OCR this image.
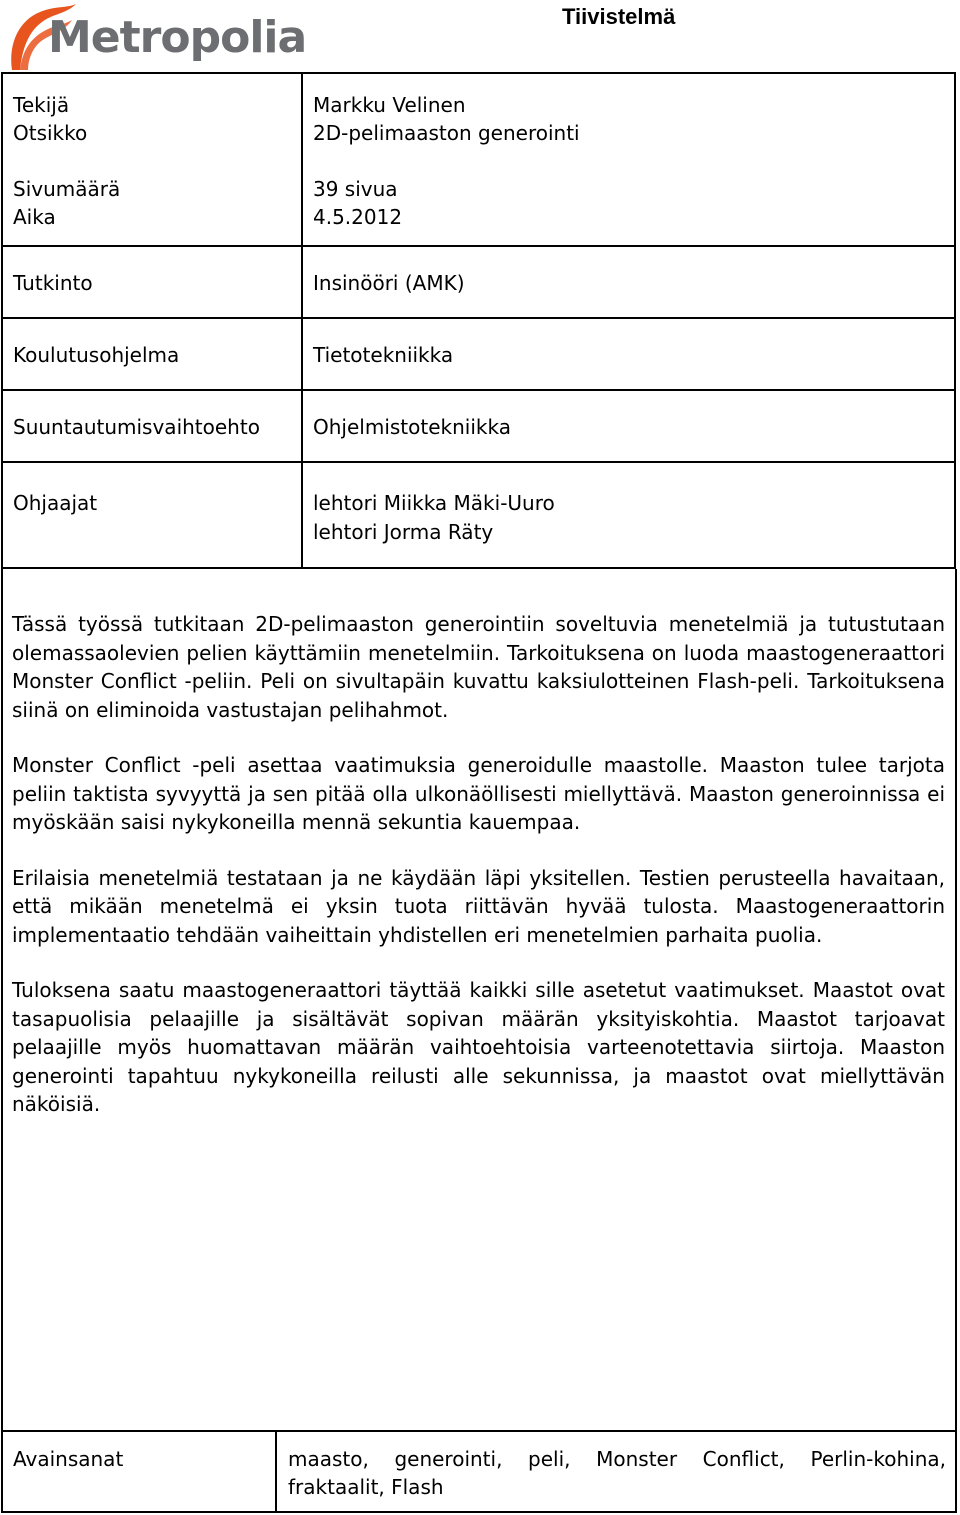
Metropolia	Tiivistelmä
Tekijä	Markku Velinen
Otsikko	2D-pelimaaston generointi
Sivumäärä	39 sivua
Aika	4.5.2012
Tutkinto	Insinööri (AMK)
Koulutusohjelma	Tietotekniikka
Suuntautumisvaihtoehto	Ohjelmistotekniikka
Ohjaajat	lehtori Miikka Mäki-Uuro
lehtori Jorma Räty

Tässä työssä tutkitaan 2D-pelimaaston generointiin soveltuvia menetelmiä ja tutustutaan olemassaolevien pelien käyttämiin menetelmiin. Tarkoituksena on luoda maastogeneraattori Monster Conflict -peliin. Peli on sivultapäin kuvattu kaksiulotteinen Flash-peli. Tarkoituksena siinä on eliminoida vastustajan pelihahmot.

Monster Conflict -peli asettaa vaatimuksia generoidulle maastolle. Maaston tulee tarjota peliin taktista syvyyttä ja sen pitää olla ulkonäöllisesti miellyttävä. Maaston generoinnissa ei myöskään saisi nykykoneilla mennä sekuntia kauempaa.

Erilaisia menetelmiä testataan ja ne käydään läpi yksitellen. Testien perusteella havaitaan, että mikään menetelmä ei yksin tuota riittävän hyvää tulosta. Maastogeneraattorin implementaatio tehdään vaiheittain yhdistellen eri menetelmien parhaita puolia.

Tuloksena saatu maastogeneraattori täyttää kaikki sille asetetut vaatimukset. Maastot ovat tasapuolisia pelaajille ja sisältävät sopivan määrän yksityiskohtia. Maastot tarjoavat pelaajille myös huomattavan määrän vaihtoehtoisia varteenotettavia siirtoja. Maaston generointi tapahtuu nykykoneilla reilusti alle sekunnissa, ja maastot ovat miellyttävän näköisiä.

Avainsanat	maasto, generointi, peli, Monster Conflict, Perlin-kohina, fraktaalit, Flash
